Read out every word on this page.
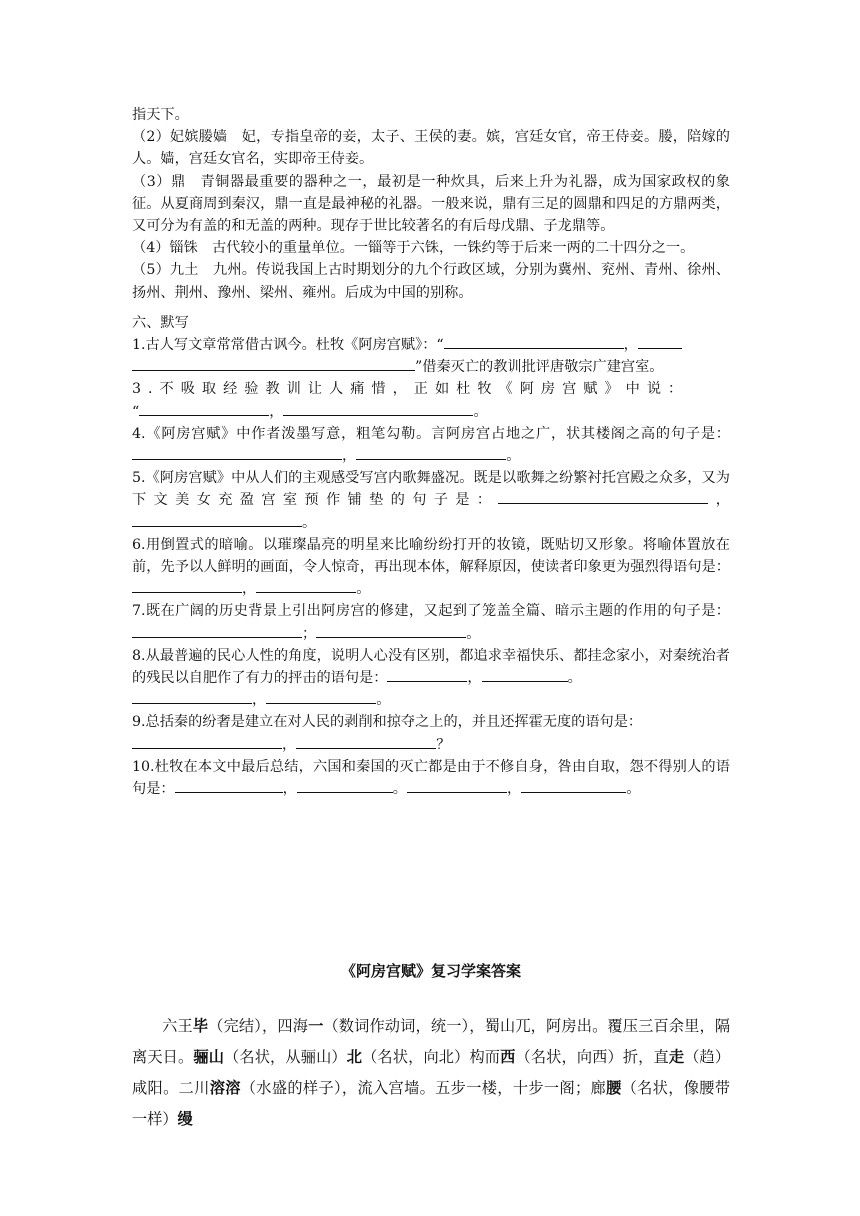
指天下。

（2）妃嫔媵嫱　妃，专指皇帝的妾，太子、王侯的妻。嫔，宫廷女官，帝王侍妾。媵，陪嫁的人。嫱，宫廷女官名，实即帝王侍妾。

（3）鼎　青铜器最重要的器种之一，最初是一种炊具，后来上升为礼器，成为国家政权的象征。从夏商周到秦汉，鼎一直是最神秘的礼器。一般来说，鼎有三足的圆鼎和四足的方鼎两类，又可分为有盖的和无盖的两种。现存于世比较著名的有后母戊鼎、子龙鼎等。

（4）锱铢　古代较小的重量单位。一锱等于六铢，一铢约等于后来一两的二十四分之一。

（5）九土　九州。传说我国上古时期划分的九个行政区域，分别为冀州、兖州、青州、徐州、扬州、荆州、豫州、梁州、雍州。后成为中国的别称。

六、默写

1.古人写文章常常借古讽今。杜牧《阿房宫赋》：“	，
”借秦灭亡的教训批评唐敬宗广建宫室。

3.不吸取经验教训让人痛惜，正如杜牧《阿房宫赋》中说：
“	，	。

4.《阿房宫赋》中作者泼墨写意，粗笔勾勒。言阿房宫占地之广，状其楼阁之高的句子是：，	。

5.《阿房宫赋》中从人们的主观感受写宫内歌舞盛况。既是以歌舞之纷繁衬托宫殿之众多，又为下文美女充盈宫室预作铺垫的句子是：	，。

6.用倒置式的暗喻。以璀璨晶亮的明星来比喻纷纷打开的妆镜，既贴切又形象。将喻体置放在前，先予以人鲜明的画面，令人惊奇，再出现本体，解释原因，使读者印象更为强烈得语句是：，	。

7.既在广阔的历史背景上引出阿房宫的修建，又起到了笼盖全篇、暗示主题的作用的句子是：；	。

8.从最普遍的民心人性的角度，说明人心没有区别，都追求幸福快乐、都挂念家小，对秦统治者的残民以自肥作了有力的抨击的语句是：	，	。
，	。

9.总括秦的纷奢是建立在对人民的剥削和掠夺之上的，并且还挥霍无度的语句是：
，	？

10.杜牧在本文中最后总结，六国和秦国的灭亡都是由于不修自身，咎由自取，怨不得别人的语句是：	，	。	，	。

《阿房宫赋》复习学案答案

六王毕（完结），四海一（数词作动词，统一），蜀山兀，阿房出。覆压三百余里，隔离天日。骊山（名状，从骊山）北（名状，向北）构而西（名状，向西）折，直走（趋）咸阳。二川溶溶（水盛的样子），流入宫墙。五步一楼，十步一阁；廊腰（名状，像腰带一样）缦
